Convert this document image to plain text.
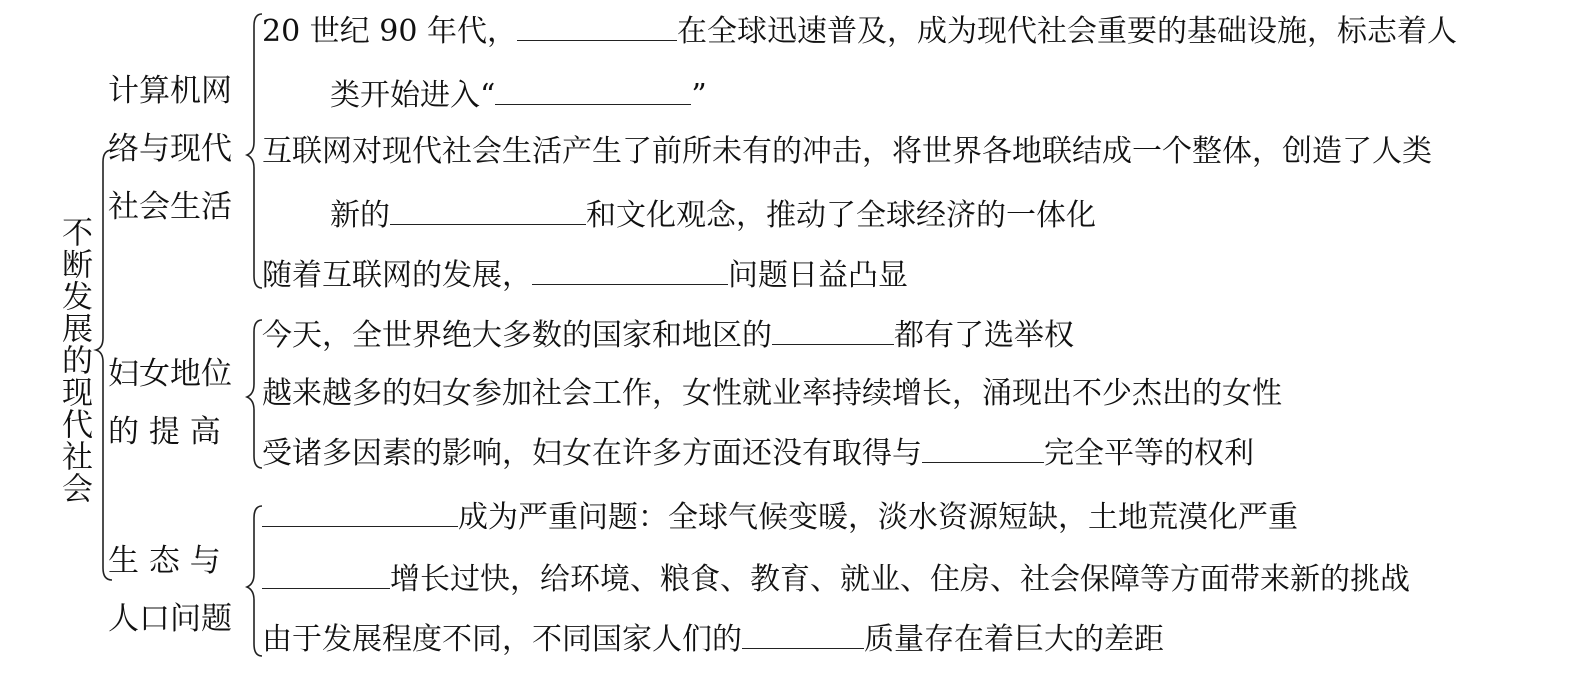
不断发展的现代社会
计算机网
络与现代
社会生活
妇女地位
的 提 高
生 态 与
人口问题
20 世纪 90 年代，	在全球迅速普及，成为现代社会重要的基础设施，标志着人
类开始进入“	”
互联网对现代社会生活产生了前所未有的冲击，将世界各地联结成一个整体，创造了人类
新的	和文化观念，推动了全球经济的一体化
随着互联网的发展，	问题日益凸显
今天，全世界绝大多数的国家和地区的	都有了选举权
越来越多的妇女参加社会工作，女性就业率持续增长，涌现出不少杰出的女性
受诸多因素的影响，妇女在许多方面还没有取得与	完全平等的权利
成为严重问题：全球气候变暖，淡水资源短缺，土地荒漠化严重
增长过快，给环境、粮食、教育、就业、住房、社会保障等方面带来新的挑战
由于发展程度不同，不同国家人们的	质量存在着巨大的差距
